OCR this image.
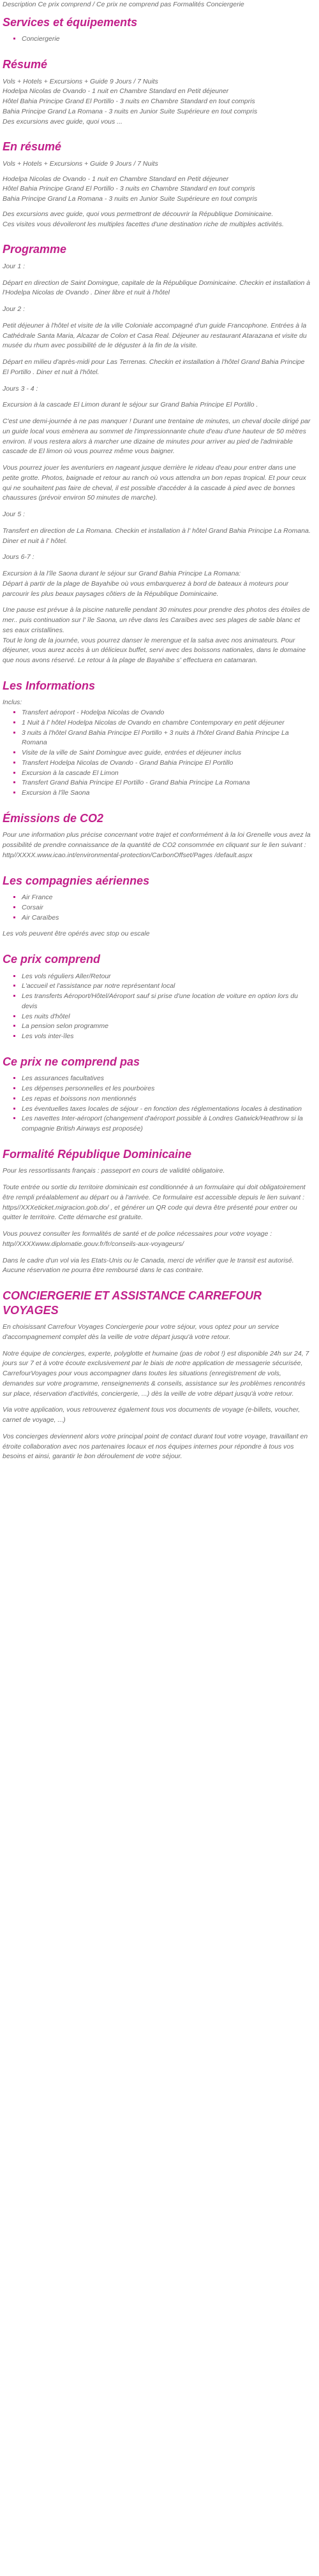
Description Ce prix comprend / Ce prix ne comprend pas Formalités Conciergerie

Services et équipements
▪ Conciergerie
Résumé

Vols + Hotels + Excursions + Guide 9 Jours / 7 Nuits
Hodelpa Nicolas de Ovando - 1 nuit en Chambre Standard en Petit déjeuner
Hôtel Bahia Principe Grand El Portillo - 3 nuits en Chambre Standard en tout compris
Bahia Principe Grand La Romana - 3 nuits en Junior Suite Supérieure en tout compris
Des excursions avec guide, quoi vous ...

En résumé

Vols + Hotels + Excursions + Guide 9 Jours / 7 Nuits
Hodelpa Nicolas de Ovando - 1 nuit en Chambre Standard en Petit déjeuner
Hôtel Bahia Principe Grand El Portillo - 3 nuits en Chambre Standard en tout compris
Bahia Principe Grand La Romana - 3 nuits en Junior Suite Supérieure en tout compris
Des excursions avec guide, quoi vous permettront de découvrir la République Dominicaine.
Ces visites vous dévoileront les multiples facettes d'une destination riche de multiples activités.

Programme

Jour 1 :

Départ en direction de Saint Domingue, capitale de la République Dominicaine. Checkin et installation à l'Hodelpa Nicolas de Ovando . Diner libre et nuit à l'hôtel

Jour 2 :

Petit déjeuner à l'hôtel et visite de la ville Coloniale accompagné d'un guide Francophone. Entrées à la Cathédrale Santa Maria, Alcazar de Colon et Casa Real. Déjeuner au restaurant Atarazana et visite du musée du rhum avec possibilité de le déguster à la fin de la visite.

Départ en milieu d'après-midi pour Las Terrenas. Checkin et installation à l'hôtel Grand Bahia Principe El Portillo . Diner et nuit à l'hôtel.

Jours 3 - 4 :

Excursion à la cascade El Limon durant le séjour sur Grand Bahia Principe El Portillo .

C'est une demi-journée à ne pas manquer ! Durant une trentaine de minutes, un cheval docile dirigé par un guide local vous emènera au sommet de l'impressionnante chute d'eau d'une hauteur de 50 mètres environ. Il vous restera alors à marcher une dizaine de minutes pour arriver au pied de l'admirable cascade de El limon où vous pourrez même vous baigner.

Vous pourrez jouer les aventuriers en nageant jusque derrière le rideau d'eau pour entrer dans une petite grotte. Photos, baignade et retour au ranch où vous attendra un bon repas tropical. Et pour ceux qui ne souhaitent pas faire de cheval, il est possible d'accéder à la cascade à pied avec de bonnes chaussures (prévoir environ 50 minutes de marche).

Jour 5 :

Transfert en direction de La Romana. Checkin et installation à l' hôtel Grand Bahia Principe La Romana.
Diner et nuit à l' hôtel.

Jours 6-7 :

Excursion à la l'île Saona durant le séjour sur Grand Bahia Principe La Romana:
Départ à partir de la plage de Bayahibe où vous embarquerez à bord de bateaux à moteurs pour parcourir les plus beaux paysages côtiers de la République Dominicaine.

Une pause est prévue à la piscine naturelle pendant 30 minutes pour prendre des photos des étoiles de mer.. puis continuation sur l' île Saona, un rêve dans les Caraïbes avec ses plages de sable blanc et ses eaux cristallines.
Tout le long de la journée, vous pourrez danser le merengue et la salsa avec nos animateurs. Pour déjeuner, vous aurez accès à un délicieux buffet, servi avec des boissons nationales, dans le domaine que nous avons réservé. Le retour à la plage de Bayahibe s' effectuera en catamaran.

Les Informations

Inclus:

▪ Transfert aéroport - Hodelpa Nicolas de Ovando
▪ 1 Nuit à l' hôtel Hodelpa Nicolas de Ovando en chambre Contemporary en petit déjeuner
▪ 3 nuits à l'hôtel Grand Bahia Principe El Portillo + 3 nuits à l'hôtel Grand Bahia Principe La Romana
▪ Visite de la ville de Saint Domingue avec guide, entrées et déjeuner inclus
▪ Transfert Hodelpa Nicolas de Ovando - Grand Bahia Principe El Portillo
▪ Excursion à la cascade El Limon
▪ Transfert Grand Bahia Principe El Portillo - Grand Bahia Principe La Romana
▪ Excursion à l'île Saona
Émissions de CO2

Pour une information plus précise concernant votre trajet et conformément à la loi Grenelle vous avez la possibilité de prendre connaissance de la quantité de CO2 consommée en cliquant sur le lien suivant : http//XXXX.www.icao.int/environmental-protection/CarbonOffset/Pages /default.aspx

Les compagnies aériennes
▪ Air France
▪ Corsair
▪ Air Caraïbes

Les vols peuvent être opérés avec stop ou escale

Ce prix comprend
▪ Les vols réguliers Aller/Retour
▪ L'accueil et l'assistance par notre représentant local
▪ Les transferts Aéroport/Hôtel/Aéroport sauf si prise d'une location de voiture en option lors du devis
▪ Les nuits d'hôtel
▪ La pension selon programme
▪ Les vols inter-îles
Ce prix ne comprend pas
▪ Les assurances facultatives
▪ Les dépenses personnelles et les pourboires
▪ Les repas et boissons non mentionnés
▪ Les éventuelles taxes locales de séjour - en fonction des réglementations locales à destination
▪ Les navettes Inter-aéroport (changement d'aéroport possible à Londres Gatwick/Heathrow si la compagnie British Airways est proposée)
Formalité République Dominicaine

Pour les ressortissants français : passeport en cours de validité obligatoire.

Toute entrée ou sortie du territoire dominicain est conditionnée à un formulaire qui doit obligatoirement être rempli préalablement au départ ou à l'arrivée. Ce formulaire est accessible depuis le lien suivant : https//XXXeticket.migracion.gob.do/ , et générer un QR code qui devra être présenté pour entrer ou quitter le territoire. Cette démarche est gratuite.

Vous pouvez consulter les formalités de santé et de police nécessaires pour votre voyage : http//XXXXwww.diplomatie.gouv.fr/fr/conseils-aux-voyageurs/

Dans le cadre d'un vol via les Etats-Unis ou le Canada, merci de vérifier que le transit est autorisé. Aucune réservation ne pourra être remboursé dans le cas contraire.

CONCIERGERIE ET ASSISTANCE CARREFOUR VOYAGES

En choisissant Carrefour Voyages Conciergerie pour votre séjour, vous optez pour un service d'accompagnement complet dès la veille de votre départ jusqu'à votre retour.

Notre équipe de concierges, experte, polyglotte et humaine (pas de robot !) est disponible 24h sur 24, 7 jours sur 7 et à votre écoute exclusivement par le biais de notre application de messagerie sécurisée, CarrefourVoyages pour vous accompagner dans toutes les situations (enregistrement de vols, demandes sur votre programme, renseignements & conseils, assistance sur les problèmes rencontrés sur place, réservation d'activités, conciergerie, ...) dès la veille de votre départ jusqu'à votre retour.

Via votre application, vous retrouverez également tous vos documents de voyage (e-billets, voucher, carnet de voyage, ...)

Vos concierges deviennent alors votre principal point de contact durant tout votre voyage, travaillant en étroite collaboration avec nos partenaires locaux et nos équipes internes pour répondre à tous vos besoins et ainsi, garantir le bon déroulement de votre séjour.
